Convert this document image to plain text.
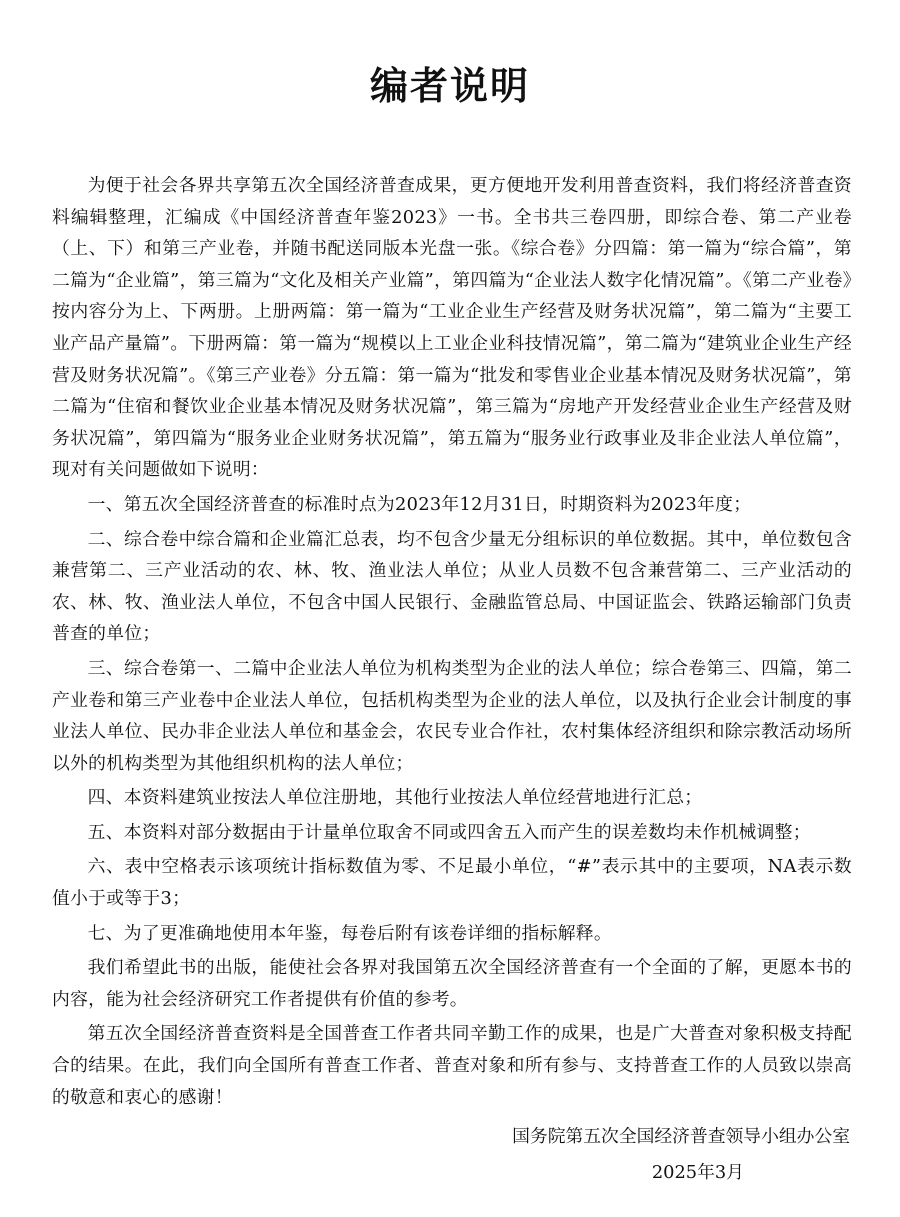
编者说明

为便于社会各界共享第五次全国经济普查成果，更方便地开发利用普查资料，我们将经济普查资料编辑整理，汇编成《中国经济普查年鉴2023》一书。全书共三卷四册，即综合卷、第二产业卷（上、下）和第三产业卷，并随书配送同版本光盘一张。《综合卷》分四篇：第一篇为“综合篇”，第二篇为“企业篇”，第三篇为“文化及相关产业篇”，第四篇为“企业法人数字化情况篇”。《第二产业卷》按内容分为上、下两册。上册两篇：第一篇为“工业企业生产经营及财务状况篇”，第二篇为“主要工业产品产量篇”。下册两篇：第一篇为“规模以上工业企业科技情况篇”，第二篇为“建筑业企业生产经营及财务状况篇”。《第三产业卷》分五篇：第一篇为“批发和零售业企业基本情况及财务状况篇”，第二篇为“住宿和餐饮业企业基本情况及财务状况篇”，第三篇为“房地产开发经营业企业生产经营及财务状况篇”，第四篇为“服务业企业财务状况篇”，第五篇为“服务业行政事业及非企业法人单位篇”，现对有关问题做如下说明：

一、第五次全国经济普查的标准时点为2023年12月31日，时期资料为2023年度；

二、综合卷中综合篇和企业篇汇总表，均不包含少量无分组标识的单位数据。其中，单位数包含兼营第二、三产业活动的农、林、牧、渔业法人单位；从业人员数不包含兼营第二、三产业活动的农、林、牧、渔业法人单位，不包含中国人民银行、金融监管总局、中国证监会、铁路运输部门负责普查的单位；

三、综合卷第一、二篇中企业法人单位为机构类型为企业的法人单位；综合卷第三、四篇，第二产业卷和第三产业卷中企业法人单位，包括机构类型为企业的法人单位，以及执行企业会计制度的事业法人单位、民办非企业法人单位和基金会，农民专业合作社，农村集体经济组织和除宗教活动场所以外的机构类型为其他组织机构的法人单位；

四、本资料建筑业按法人单位注册地，其他行业按法人单位经营地进行汇总；

五、本资料对部分数据由于计量单位取舍不同或四舍五入而产生的误差数均未作机械调整；

六、表中空格表示该项统计指标数值为零、不足最小单位，“#”表示其中的主要项，NA表示数值小于或等于3；

七、为了更准确地使用本年鉴，每卷后附有该卷详细的指标解释。

我们希望此书的出版，能使社会各界对我国第五次全国经济普查有一个全面的了解，更愿本书的内容，能为社会经济研究工作者提供有价值的参考。

第五次全国经济普查资料是全国普查工作者共同辛勤工作的成果，也是广大普查对象积极支持配合的结果。在此，我们向全国所有普查工作者、普查对象和所有参与、支持普查工作的人员致以崇高的敬意和衷心的感谢！

国务院第五次全国经济普查领导小组办公室
2025年3月
